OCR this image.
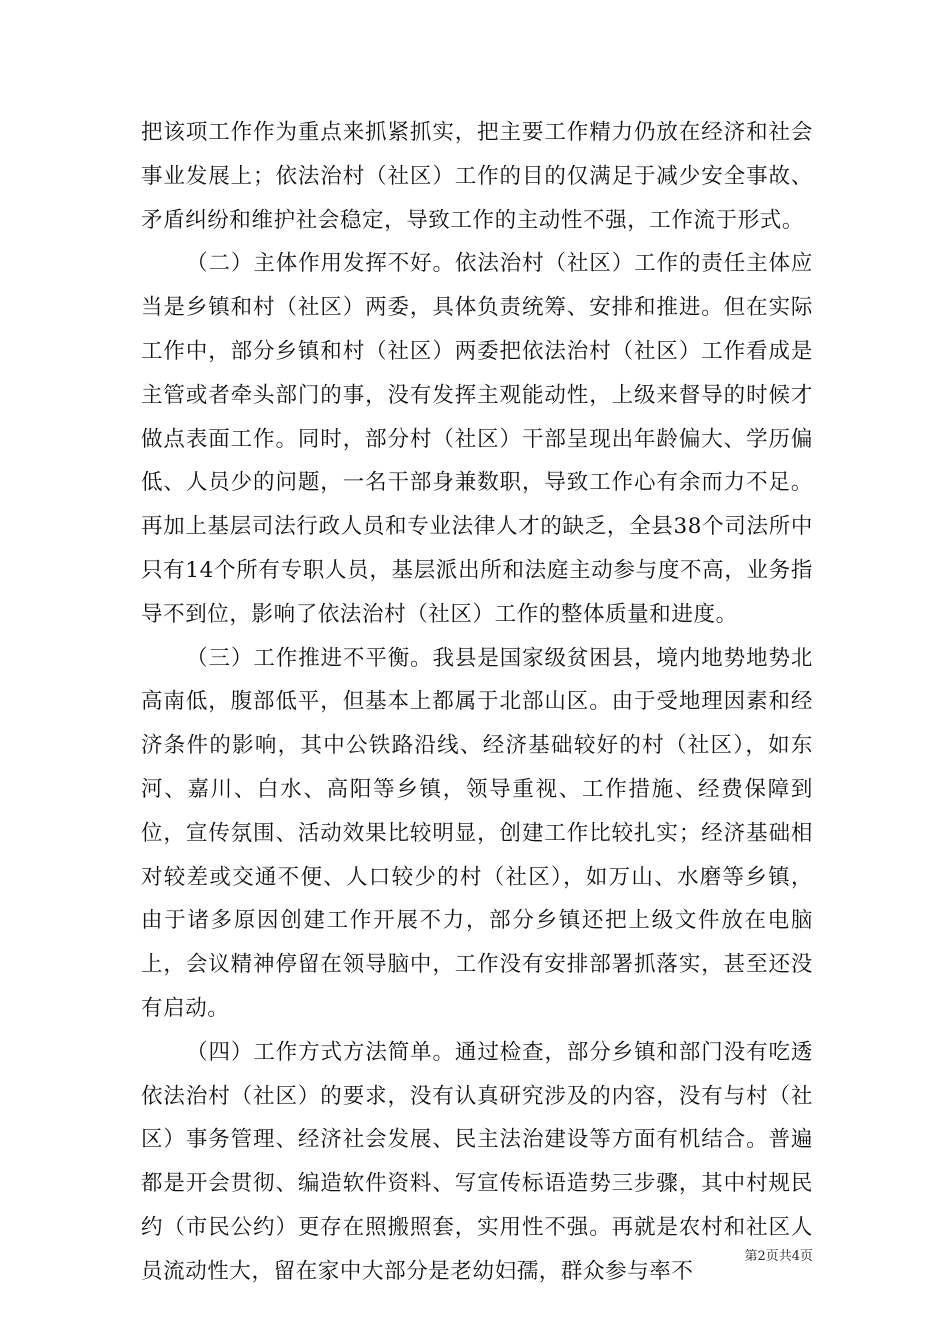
把该项工作作为重点来抓紧抓实，把主要工作精力仍放在经济和社会事业发展上；依法治村（社区）工作的目的仅满足于减少安全事故、矛盾纠纷和维护社会稳定，导致工作的主动性不强，工作流于形式。

（二）主体作用发挥不好。依法治村（社区）工作的责任主体应当是乡镇和村（社区）两委，具体负责统筹、安排和推进。但在实际工作中，部分乡镇和村（社区）两委把依法治村（社区）工作看成是主管或者牵头部门的事，没有发挥主观能动性，上级来督导的时候才做点表面工作。同时，部分村（社区）干部呈现出年龄偏大、学历偏低、人员少的问题，一名干部身兼数职，导致工作心有余而力不足。再加上基层司法行政人员和专业法律人才的缺乏，全县38个司法所中只有14个所有专职人员，基层派出所和法庭主动参与度不高，业务指导不到位，影响了依法治村（社区）工作的整体质量和进度。

（三）工作推进不平衡。我县是国家级贫困县，境内地势地势北高南低，腹部低平，但基本上都属于北部山区。由于受地理因素和经济条件的影响，其中公铁路沿线、经济基础较好的村（社区），如东河、嘉川、白水、高阳等乡镇，领导重视、工作措施、经费保障到位，宣传氛围、活动效果比较明显，创建工作比较扎实；经济基础相对较差或交通不便、人口较少的村（社区），如万山、水磨等乡镇，由于诸多原因创建工作开展不力，部分乡镇还把上级文件放在电脑上，会议精神停留在领导脑中，工作没有安排部署抓落实，甚至还没有启动。

（四）工作方式方法简单。通过检查，部分乡镇和部门没有吃透依法治村（社区）的要求，没有认真研究涉及的内容，没有与村（社区）事务管理、经济社会发展、民主法治建设等方面有机结合。普遍都是开会贯彻、编造软件资料、写宣传标语造势三步骤，其中村规民约（市民公约）更存在照搬照套，实用性不强。再就是农村和社区人员流动性大，留在家中大部分是老幼妇孺，群众参与率不

第2页共4页
